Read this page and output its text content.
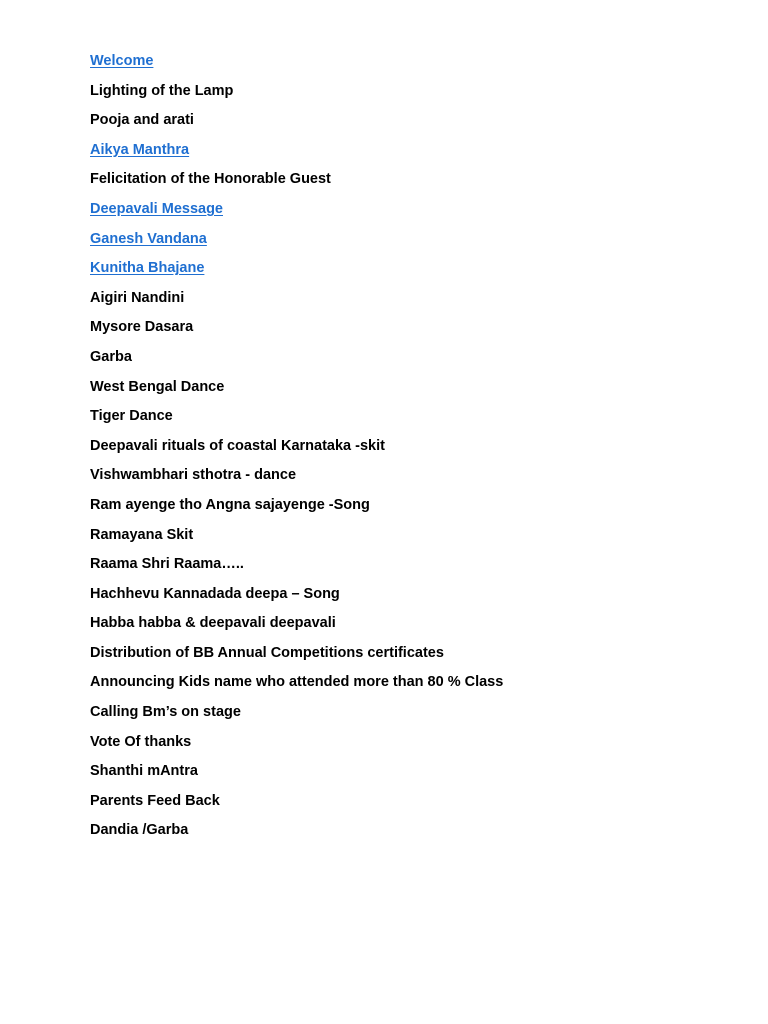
Welcome
Lighting of the Lamp
Pooja and arati
Aikya Manthra
Felicitation of the Honorable Guest
Deepavali Message
Ganesh Vandana
Kunitha Bhajane
Aigiri Nandini
Mysore Dasara
Garba
West Bengal Dance
Tiger Dance
Deepavali rituals of coastal Karnataka -skit
Vishwambhari sthotra - dance
Ram ayenge tho Angna sajayenge -Song
Ramayana Skit
Raama Shri Raama…..
Hachhevu Kannadada deepa – Song
Habba habba & deepavali deepavali
Distribution of BB Annual Competitions certificates
Announcing Kids name who attended more than 80 % Class
Calling Bm’s on stage
Vote Of thanks
Shanthi mAntra
Parents Feed Back
Dandia /Garba
